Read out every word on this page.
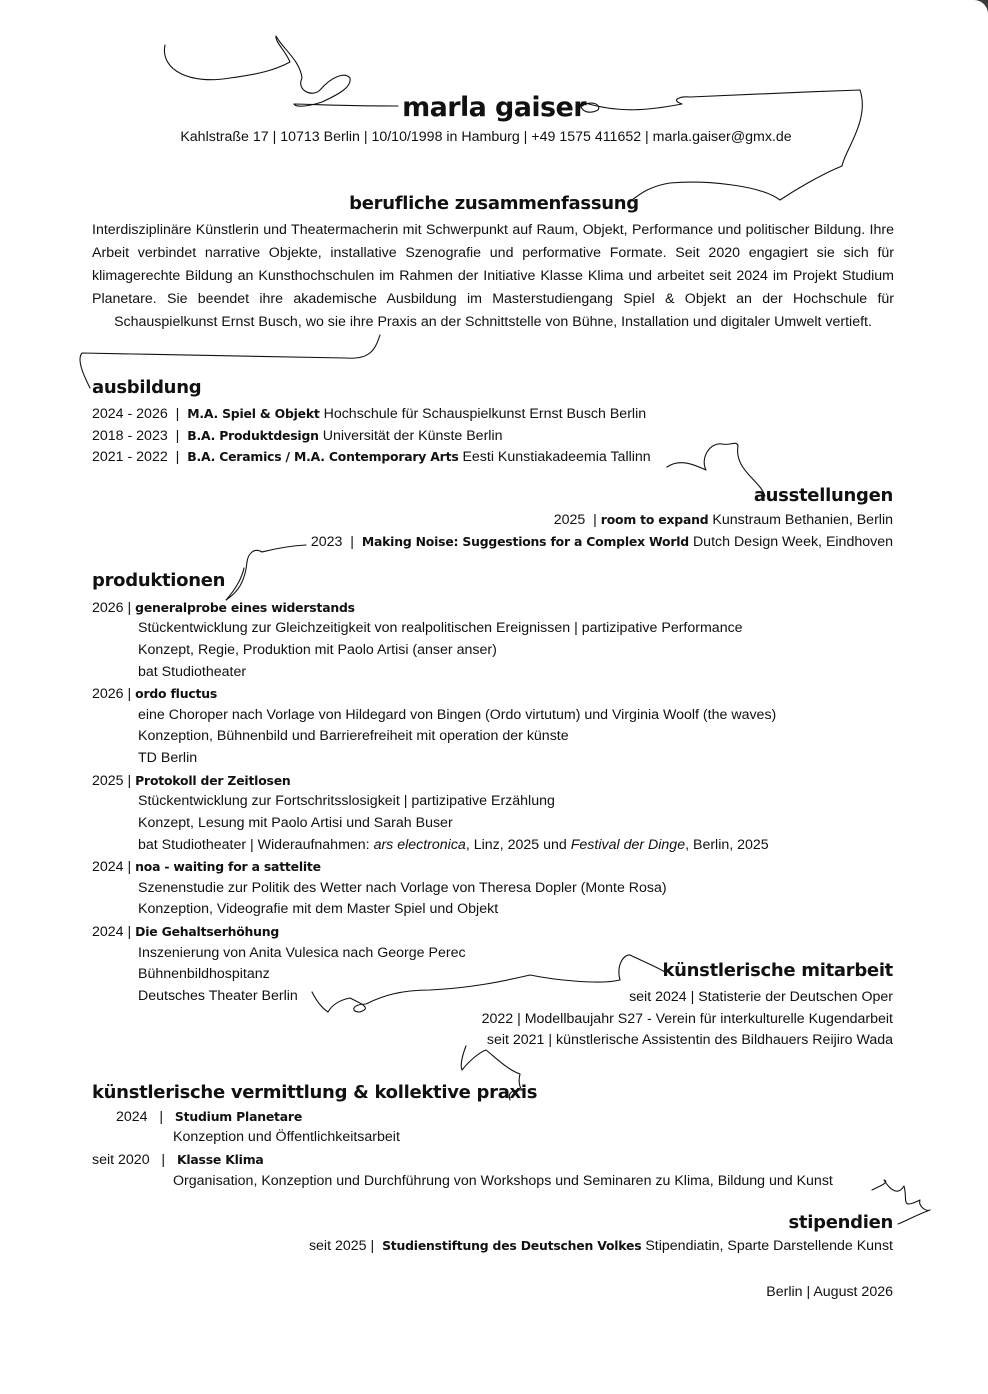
marla gaiser
Kahlstraße 17 | 10713 Berlin | 10/10/1998 in Hamburg | +49 1575 411652 | marla.gaiser@gmx.de
berufliche zusammenfassung

Interdisziplinäre Künstlerin und Theatermacherin mit Schwerpunkt auf Raum, Objekt, Performance und politischer Bildung. Ihre Arbeit verbindet narrative Objekte, installative Szenografie und performative Formate. Seit 2020 engagiert sie sich für klimagerechte Bildung an Kunsthochschulen im Rahmen der Initiative Klasse Klima und arbeitet seit 2024 im Projekt Studium Planetare. Sie beendet ihre akademische Ausbildung im Masterstudiengang Spiel & Objekt an der Hochschule für Schauspielkunst Ernst Busch, wo sie ihre Praxis an der Schnittstelle von Bühne, Installation und digitaler Umwelt vertieft.

ausbildung
2024 - 2026 | M.A. Spiel & Objekt Hochschule für Schauspielkunst Ernst Busch Berlin
2018 - 2023 | B.A. Produktdesign Universität der Künste Berlin
2021 - 2022 | B.A. Ceramics / M.A. Contemporary Arts Eesti Kunstiakadeemia Tallinn
ausstellungen
2025 | room to expand Kunstraum Bethanien, Berlin
2023 | Making Noise: Suggestions for a Complex World Dutch Design Week, Eindhoven
produktionen
2026 | generalprobe eines widerstands
Stückentwicklung zur Gleichzeitigkeit von realpolitischen Ereignissen | partizipative Performance
Konzept, Regie, Produktion mit Paolo Artisi (anser anser)
bat Studiotheater
2026 | ordo fluctus
eine Choroper nach Vorlage von Hildegard von Bingen (Ordo virtutum) und Virginia Woolf (the waves)
Konzeption, Bühnenbild und Barrierefreiheit mit operation der künste
TD Berlin
2025 | Protokoll der Zeitlosen
Stückentwicklung zur Fortschritsslosigkeit | partizipative Erzählung
Konzept, Lesung mit Paolo Artisi und Sarah Buser
bat Studiotheater | Wideraufnahmen: ars electronica, Linz, 2025 und Festival der Dinge, Berlin, 2025
2024 | noa - waiting for a sattelite
Szenenstudie zur Politik des Wetter nach Vorlage von Theresa Dopler (Monte Rosa)
Konzeption, Videografie mit dem Master Spiel und Objekt
2024 | Die Gehaltserhöhung
Inszenierung von Anita Vulesica nach George Perec
Bühnenbildhospitanz
Deutsches Theater Berlin
künstlerische mitarbeit
seit 2024 | Statisterie der Deutschen Oper
2022 | Modellbaujahr S27 - Verein für interkulturelle Kugendarbeit
seit 2021 | künstlerische Assistentin des Bildhauers Reijiro Wada
künstlerische vermittlung & kollektive praxis
2024 | Studium Planetare
Konzeption und Öffentlichkeitsarbeit
seit 2020 | Klasse Klima
Organisation, Konzeption und Durchführung von Workshops und Seminaren zu Klima, Bildung und Kunst
stipendien
seit 2025 | Studienstiftung des Deutschen Volkes Stipendiatin, Sparte Darstellende Kunst
Berlin | August 2026
